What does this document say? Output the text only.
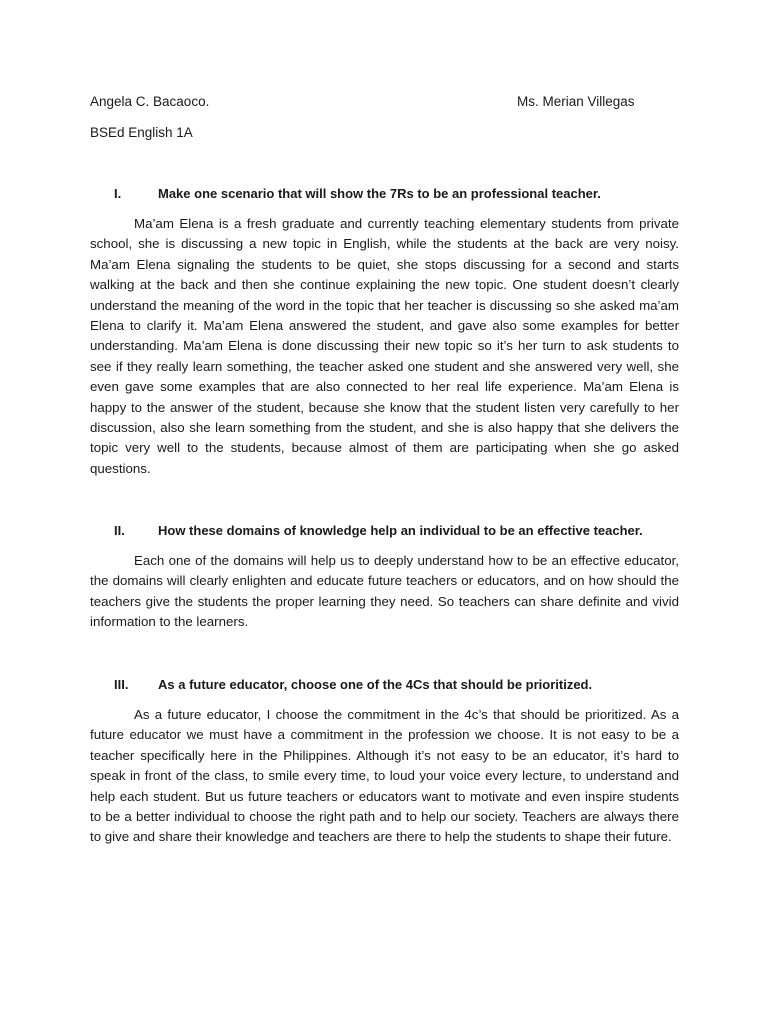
Angela C. Bacaoco.	Ms. Merian Villegas
BSEd English 1A
I.	Make one scenario that will show the 7Rs to be an professional teacher.

Ma’am Elena is a fresh graduate and currently teaching elementary students from private school, she is discussing a new topic in English, while the students at the back are very noisy. Ma’am Elena signaling the students to be quiet, she stops discussing for a second and starts walking at the back and then she continue explaining the new topic. One student doesn’t clearly understand the meaning of the word in the topic that her teacher is discussing so she asked ma’am Elena to clarify it. Ma’am Elena answered the student, and gave also some examples for better understanding. Ma’am Elena is done discussing their new topic so it’s her turn to ask students to see if they really learn something, the teacher asked one student and she answered very well, she even gave some examples that are also connected to her real life experience. Ma’am Elena is happy to the answer of the student, because she know that the student listen very carefully to her discussion, also she learn something from the student, and she is also happy that she delivers the topic very well to the students, because almost of them are participating when she go asked questions.

II.	How these domains of knowledge help an individual to be an effective teacher.

Each one of the domains will help us to deeply understand how to be an effective educator, the domains will clearly enlighten and educate future teachers or educators, and on how should the teachers give the students the proper learning they need. So teachers can share definite and vivid information to the learners.

III. As a future educator, choose one of the 4Cs that should be prioritized.

As a future educator, I choose the commitment in the 4c’s that should be prioritized. As a future educator we must have a commitment in the profession we choose. It is not easy to be a teacher specifically here in the Philippines. Although it’s not easy to be an educator, it’s hard to speak in front of the class, to smile every time, to loud your voice every lecture, to understand and help each student. But us future teachers or educators want to motivate and even inspire students to be a better individual to choose the right path and to help our society. Teachers are always there to give and share their knowledge and teachers are there to help the students to shape their future.
